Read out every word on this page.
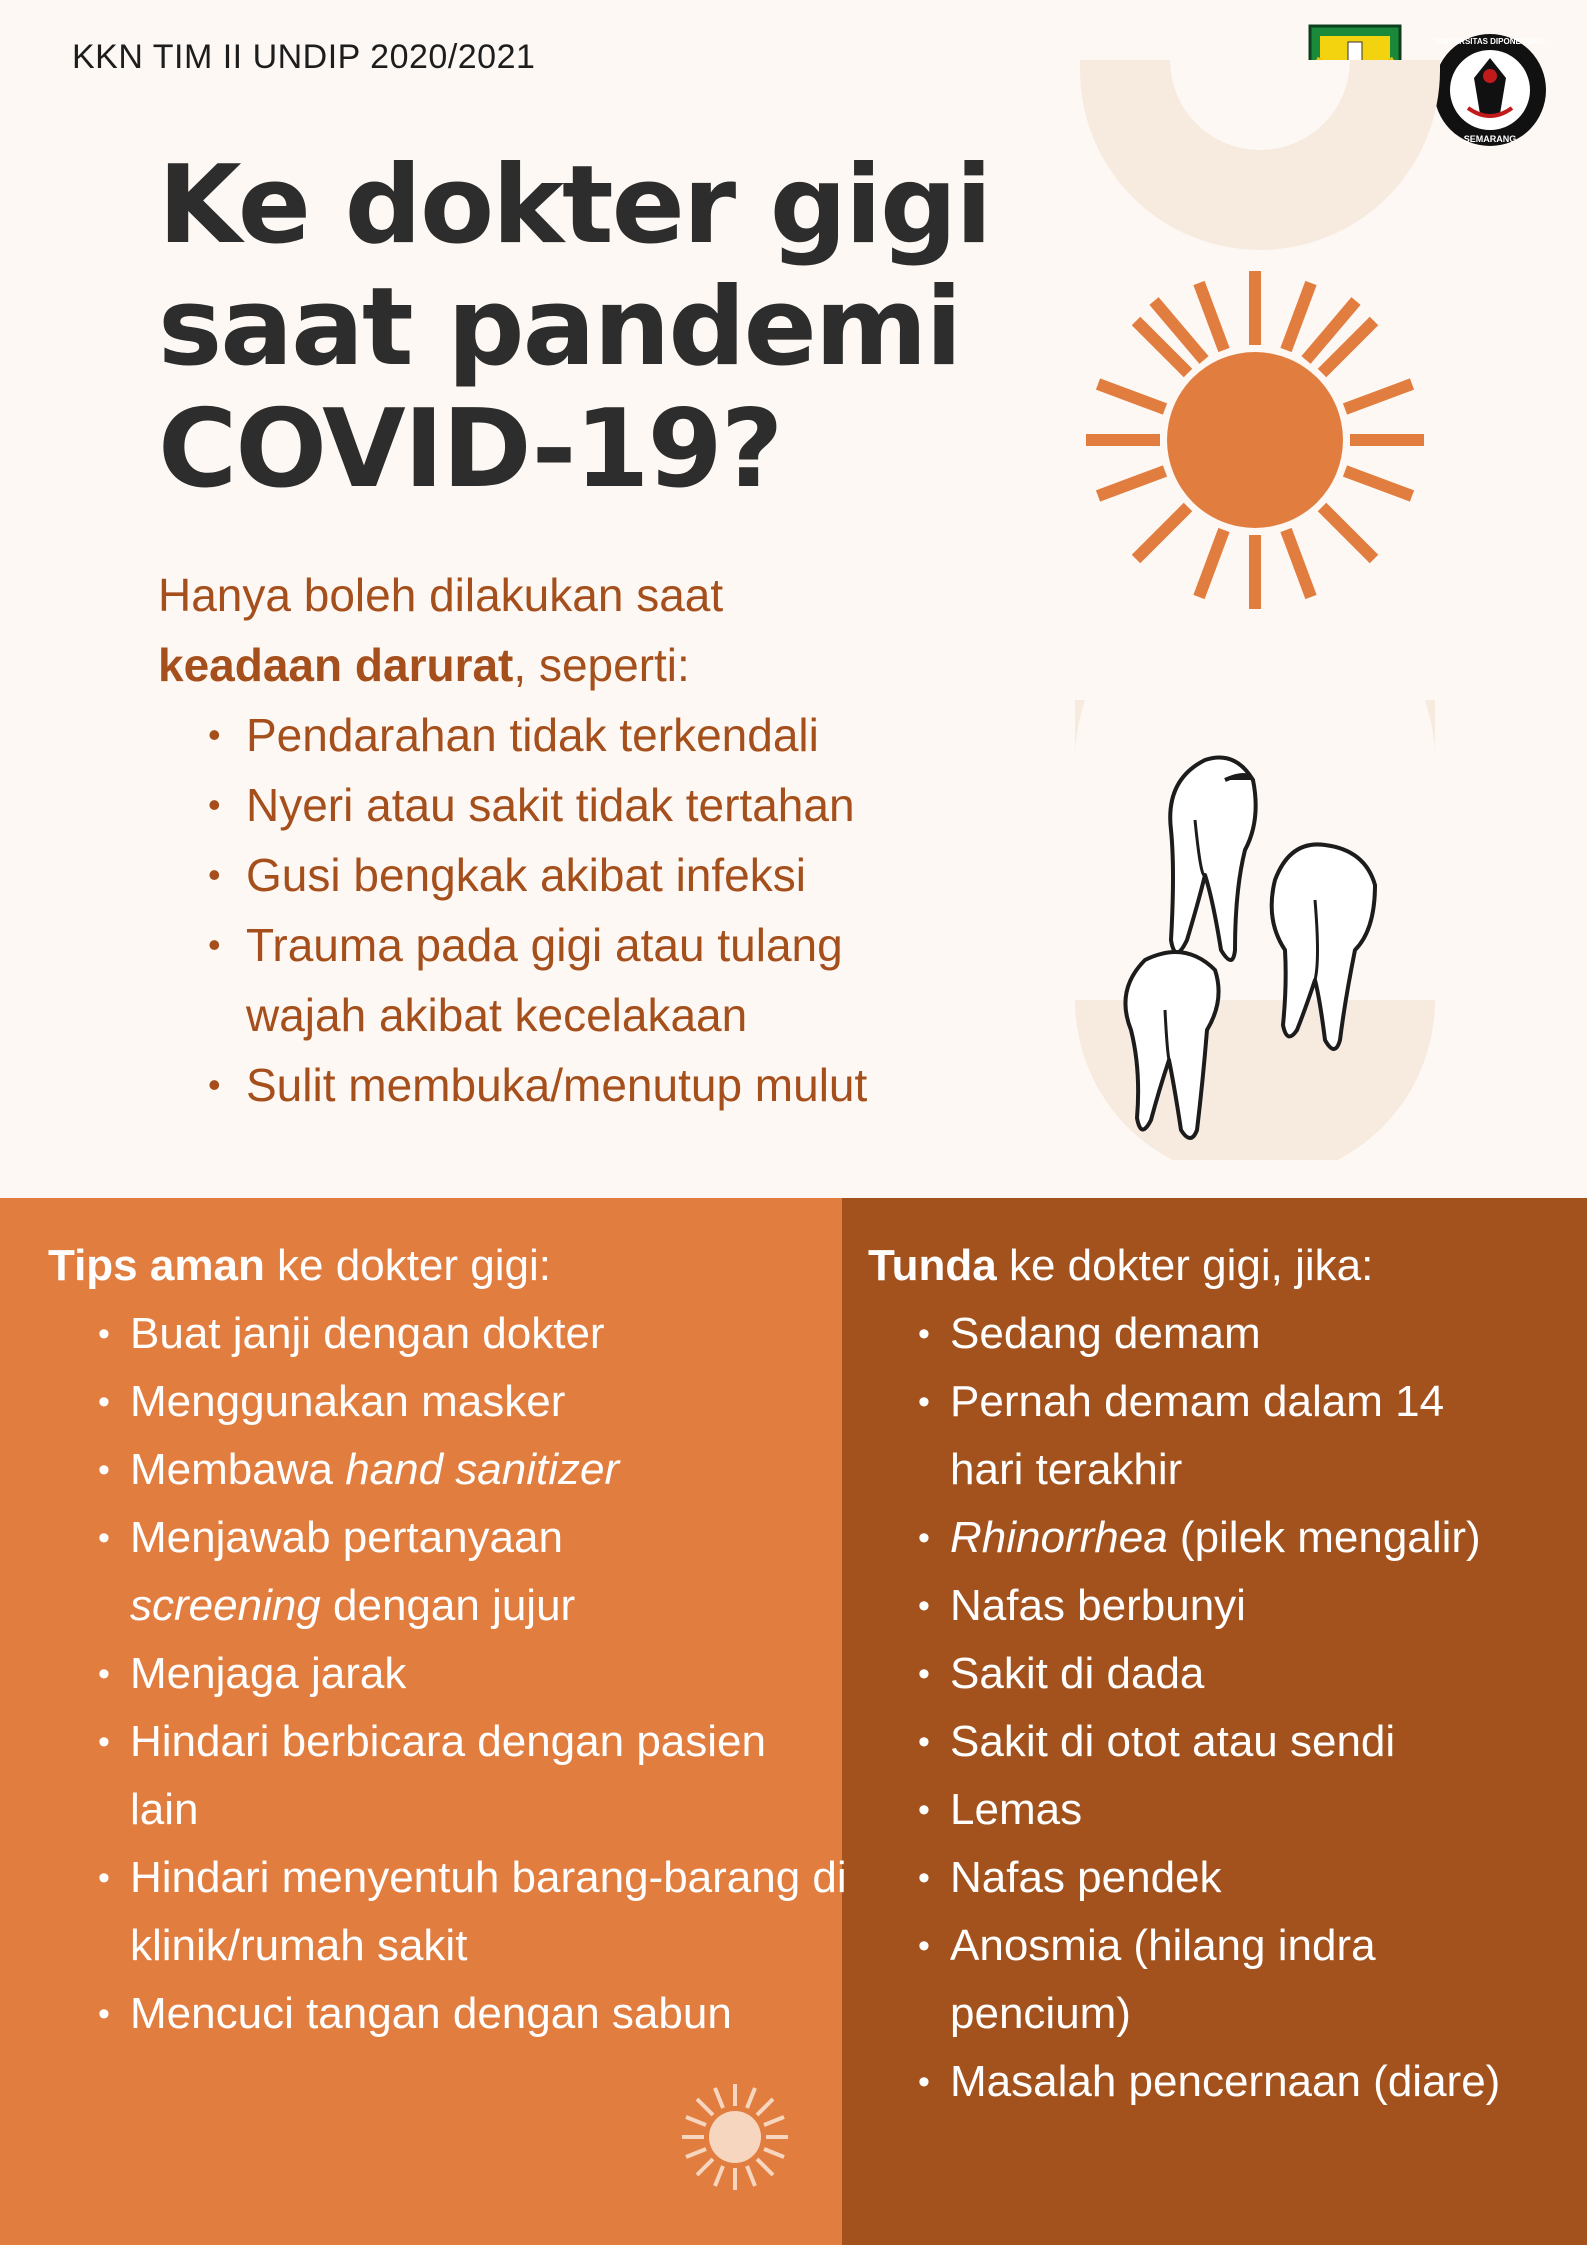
KKN TIM II UNDIP 2020/2021	UNIVERSITAS DIPONEGORO
SEMARANG
Ke dokter gigi
saat pandemi
COVID-19?
Hanya boleh dilakukan saat
keadaan darurat, seperti:
• Pendarahan tidak terkendali
• Nyeri atau sakit tidak tertahan
• Gusi bengkak akibat infeksi
• Trauma pada gigi atau tulang wajah akibat kecelakaan
• Sulit membuka/menutup mulut
Tips aman ke dokter gigi:
• Buat janji dengan dokter
• Menggunakan masker
• Membawa hand sanitizer
• Menjawab pertanyaan screening dengan jujur
• Menjaga jarak
• Hindari berbicara dengan pasien lain
• Hindari menyentuh barang-barang di klinik/rumah sakit
• Mencuci tangan dengan sabun
Tunda ke dokter gigi, jika:
• Sedang demam
• Pernah demam dalam 14 hari terakhir
• Rhinorrhea (pilek mengalir)
• Nafas berbunyi
• Sakit di dada
• Sakit di otot atau sendi
• Lemas
• Nafas pendek
• Anosmia (hilang indra pencium)
• Masalah pencernaan (diare)
